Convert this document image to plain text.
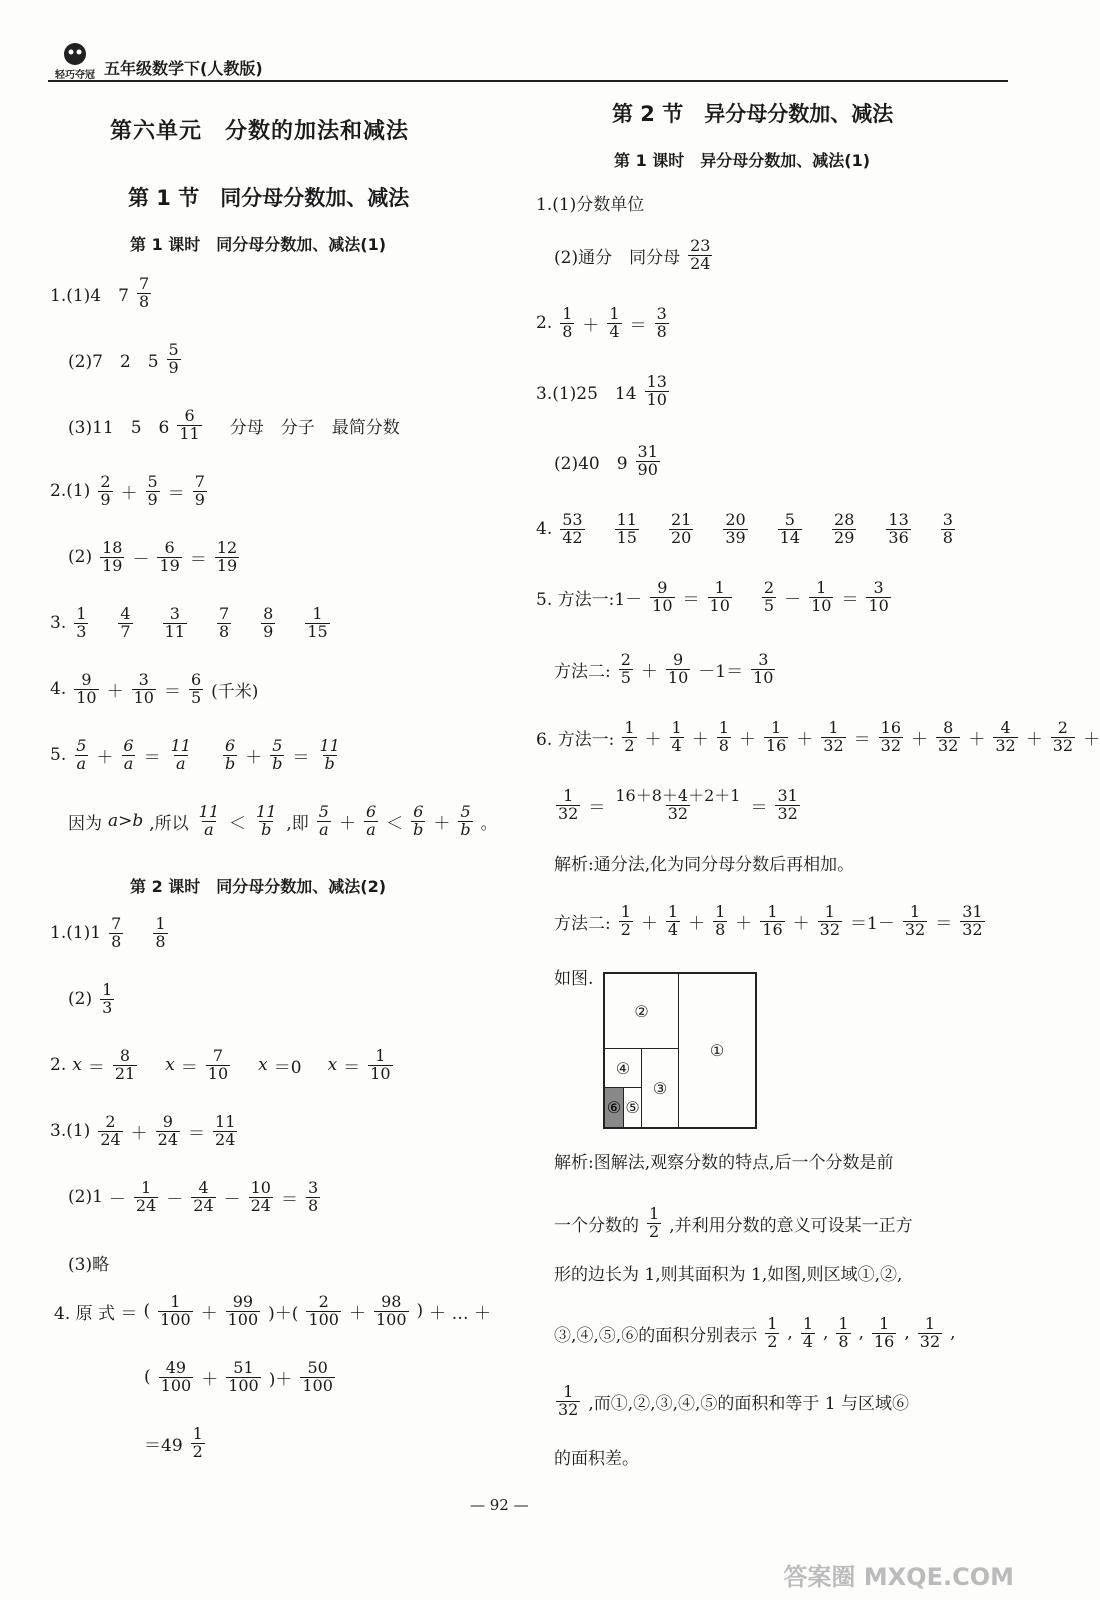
轻巧夺冠 五年级数学下(人教版)
第六单元　分数的加法和减法
第 1 节　同分母分数加、减法
第 1 课时　同分母分数加、减法(1)
1.(1)4　$7 \frac{7}{8}$
(2)7　2　$5 \frac{5}{9}$
(3)11　5　$6 \frac{6}{11}$ 分母　分子　最简分数
$2.(1) \frac{2}{9} + \frac{5}{9} = \frac{7}{9}$
$(2) \frac{18}{19} - \frac{6}{19} = \frac{12}{19}$
3. $\frac{1}{3} \frac{4}{7} \frac{3}{11} \frac{7}{8} \frac{8}{9} \frac{1}{15}$
4. $\frac{9}{10} + \frac{3}{10} = \frac{6}{5}$ (千米)
5. $\frac{5}{a} + \frac{6}{a} = \frac{11}{a} \frac{6}{b} + \frac{5}{b} = \frac{11}{b}$
因为 a>b ,所以 $\frac{11}{a} < \frac{11}{b}$ ,即 $\frac{5}{a} + \frac{6}{a} < \frac{6}{b} + \frac{5}{b}$ 。
第 2 课时　同分母分数加、减法(2)
$1.(1)1 \frac{7}{8} \frac{1}{8}$
$(2) \frac{1}{3}$
2. $x = \frac{8}{21}$ $x = \frac{7}{10}$ x ＝0 $x = \frac{1}{10}$
$3.(1) \frac{2}{24} + \frac{9}{24} = \frac{11}{24}$
$(2)1 - \frac{1}{24} - \frac{4}{24} - \frac{10}{24} = \frac{3}{8}$
(3)略
4. 原 式 ＝ ( $\frac{1}{100} + \frac{99}{100}$ )＋( $\frac{2}{100} + \frac{98}{100}$ ) ＋ … ＋
( $\frac{49}{100} + \frac{51}{100}$ )＋ $\frac{50}{100}$
$=49 \frac{1}{2}$
第 2 节　异分母分数加、减法
第 1 课时　异分母分数加、减法(1)
1.(1)分数单位
(2)通分　同分母 $\frac{23}{24}$
2. $\frac{1}{8} + \frac{1}{4} = \frac{3}{8}$
3.(1)25　$14 \frac{13}{10}$
(2)40　$9 \frac{31}{90}$
4. $\frac{53}{42} \frac{11}{15} \frac{21}{20} \frac{20}{39} \frac{5}{14} \frac{28}{29} \frac{13}{36} \frac{3}{8}$
5. 方法一:1－ $\frac{9}{10} = \frac{1}{10} \frac{2}{5} - \frac{1}{10} = \frac{3}{10}$
方法二: $\frac{2}{5} + \frac{9}{10} -1= \frac{3}{10}$
6. 方法一: $\frac{1}{2} + \frac{1}{4} + \frac{1}{8} + \frac{1}{16} + \frac{1}{32} = \frac{16}{32} + \frac{8}{32} + \frac{4}{32} + \frac{2}{32}$ ＋
$\frac{1}{32} = \frac{16+8+4+2+1}{32} = \frac{31}{32}$
解析:通分法,化为同分母分数后再相加。
方法二: $\frac{1}{2} + \frac{1}{4} + \frac{1}{8} + \frac{1}{16} + \frac{1}{32} =1- \frac{1}{32} = \frac{31}{32}$
如图.
①
②
③
④
⑤
⑥
解析:图解法,观察分数的特点,后一个分数是前
一个分数的 $\frac{1}{2}$ ,并利用分数的意义可设某一正方
形的边长为 1,则其面积为 1,如图,则区域①,②,
③,④,⑤,⑥的面积分别表示 $\frac{1}{2}$ , $\frac{1}{4}$ , $\frac{1}{8}$ , $\frac{1}{16}$ , $\frac{1}{32}$ ,
$\frac{1}{32}$ ,而①,②,③,④,⑤的面积和等于 1 与区域⑥
的面积差。
— 92 —
答案圈 MXQE.COM
